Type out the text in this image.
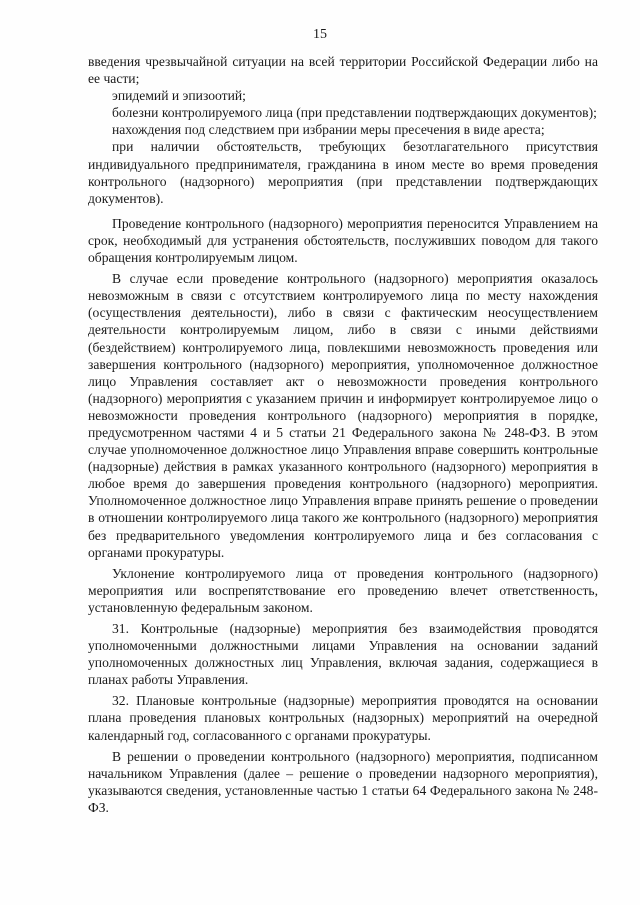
15

введения чрезвычайной ситуации на всей территории Российской Федерации либо на ее части;

эпидемий и эпизоотий;

болезни контролируемого лица (при представлении подтверждающих документов);

нахождения под следствием при избрании меры пресечения в виде ареста;

при наличии обстоятельств, требующих безотлагательного присутствия индивидуального предпринимателя, гражданина в ином месте во время проведения контрольного (надзорного) мероприятия (при представлении подтверждающих документов).

Проведение контрольного (надзорного) мероприятия переносится Управлением на срок, необходимый для устранения обстоятельств, послуживших поводом для такого обращения контролируемым лицом.

В случае если проведение контрольного (надзорного) мероприятия оказалось невозможным в связи с отсутствием контролируемого лица по месту нахождения (осуществления деятельности), либо в связи с фактическим неосуществлением деятельности контролируемым лицом, либо в связи с иными действиями (бездействием) контролируемого лица, повлекшими невозможность проведения или завершения контрольного (надзорного) мероприятия, уполномоченное должностное лицо Управления составляет акт о невозможности проведения контрольного (надзорного) мероприятия с указанием причин и информирует контролируемое лицо о невозможности проведения контрольного (надзорного) мероприятия в порядке, предусмотренном частями 4 и 5 статьи 21 Федерального закона № 248-ФЗ. В этом случае уполномоченное должностное лицо Управления вправе совершить контрольные (надзорные) действия в рамках указанного контрольного (надзорного) мероприятия в любое время до завершения проведения контрольного (надзорного) мероприятия. Уполномоченное должностное лицо Управления вправе принять решение о проведении в отношении контролируемого лица такого же контрольного (надзорного) мероприятия без предварительного уведомления контролируемого лица и без согласования с органами прокуратуры.

Уклонение контролируемого лица от проведения контрольного (надзорного) мероприятия или воспрепятствование его проведению влечет ответственность, установленную федеральным законом.

31. Контрольные (надзорные) мероприятия без взаимодействия проводятся уполномоченными должностными лицами Управления на основании заданий уполномоченных должностных лиц Управления, включая задания, содержащиеся в планах работы Управления.

32. Плановые контрольные (надзорные) мероприятия проводятся на основании плана проведения плановых контрольных (надзорных) мероприятий на очередной календарный год, согласованного с органами прокуратуры.

В решении о проведении контрольного (надзорного) мероприятия, подписанном начальником Управления (далее – решение о проведении надзорного мероприятия), указываются сведения, установленные частью 1 статьи 64 Федерального закона № 248-ФЗ.
